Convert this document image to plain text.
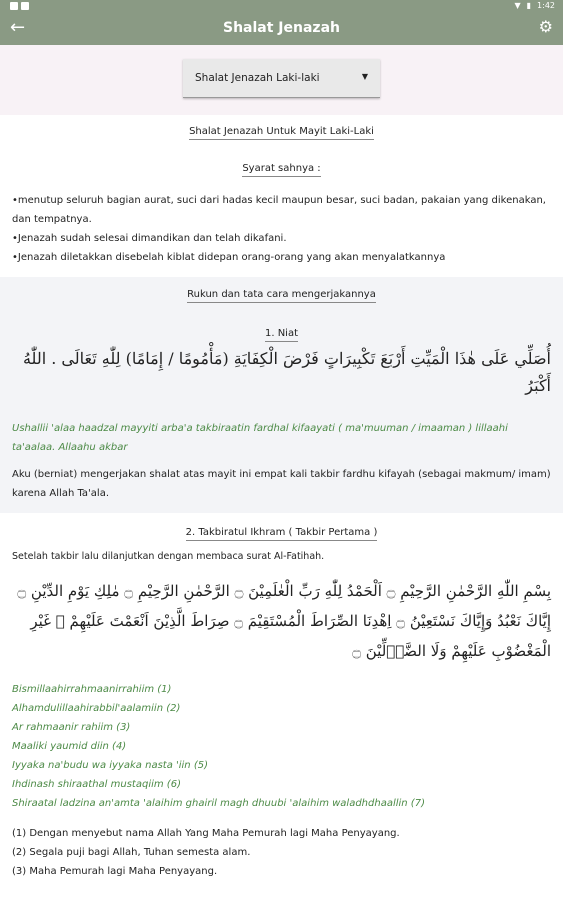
▼ ▮ 1:42
←	Shalat Jenazah	⚙
Shalat Jenazah Laki-laki	▼
Shalat Jenazah Untuk Mayit Laki-Laki
Syarat sahnya :
•menutup seluruh bagian aurat, suci dari hadas kecil maupun besar, suci badan, pakaian yang dikenakan, dan tempatnya.
•Jenazah sudah selesai dimandikan dan telah dikafani.
•Jenazah diletakkan disebelah kiblat didepan orang-orang yang akan menyalatkannya
Rukun dan tata cara mengerjakannya
1. Niat
أُصَلِّي عَلَى هٰذَا الْمَيِّتِ أَرْبَعَ تَكْبِيرَاتٍ فَرْضَ الْكِفَايَةِ (مَأْمُومًا / إِمَامًا) لِلّٰهِ تَعَالَى . اللّٰهُ أَكْبَرُ
Ushallii 'alaa haadzal mayyiti arba'a takbiraatin fardhal kifaayati ( ma'muuman / imaaman ) lillaahi ta'aalaa. Allaahu akbar
Aku (berniat) mengerjakan shalat atas mayit ini empat kali takbir fardhu kifayah (sebagai makmum/ imam) karena Allah Ta'ala.
2. Takbiratul Ikhram ( Takbir Pertama )
Setelah takbir lalu dilanjutkan dengan membaca surat Al-Fatihah.
بِسْمِ اللّٰهِ الرَّحْمٰنِ الرَّحِيْمِ ۝ اَلْحَمْدُ لِلّٰهِ رَبِّ الْعٰلَمِيْنَ ۝ الرَّحْمٰنِ الرَّحِيْمِ ۝ مٰلِكِ يَوْمِ الدِّيْنِ ۝ إِيَّاكَ نَعْبُدُ وَإِيَّاكَ نَسْتَعِيْنُ ۝ اِهْدِنَا الصِّرَاطَ الْمُسْتَقِيْمَ ۝ صِرَاطَ الَّذِيْنَ اَنْعَمْتَ عَلَيْهِمْ ۙ غَيْرِ الْمَغْضُوْبِ عَلَيْهِمْ وَلَا الضَّاۤلِّيْنَ ۝
Bismillaahirrahmaanirrahiim (1)
Alhamdulillaahirabbil'aalamiin (2)
Ar rahmaanir rahiim (3)
Maaliki yaumid diin (4)
Iyyaka na'budu wa iyyaka nasta 'iin (5)
Ihdinash shiraathal mustaqiim (6)
Shiraatal ladzina an'amta 'alaihim ghairil magh dhuubi 'alaihim waladhdhaallin (7)
(1) Dengan menyebut nama Allah Yang Maha Pemurah lagi Maha Penyayang.
(2) Segala puji bagi Allah, Tuhan semesta alam.
(3) Maha Pemurah lagi Maha Penyayang.
